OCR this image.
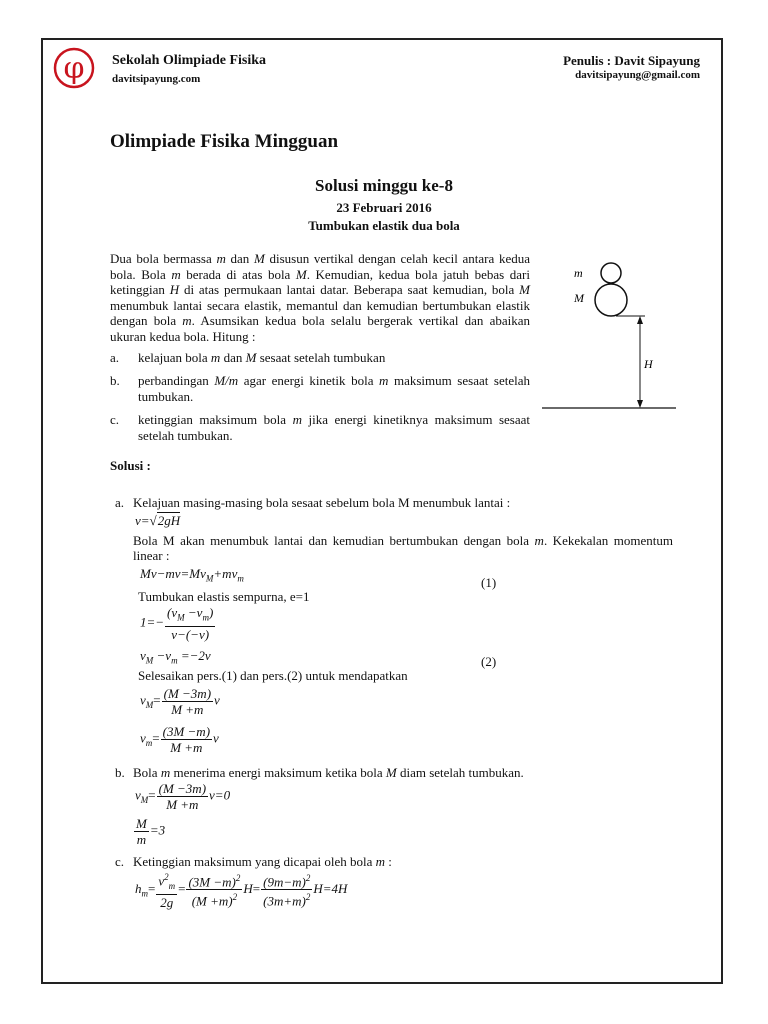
φ Sekolah Olimpiade Fisika
davitsipayung.com
Penulis : Davit Sipayung
davitsipayung@gmail.com
Olimpiade Fisika Mingguan
Solusi minggu ke-8
23 Februari 2016
Tumbukan elastik dua bola
Dua bola bermassa m dan M disusun vertikal dengan celah kecil antara kedua bola. Bola m berada di atas bola M. Kemudian, kedua bola jatuh bebas dari ketinggian H di atas permukaan lantai datar. Beberapa saat kemudian, bola M menumbuk lantai secara elastik, memantul dan kemudian bertumbukan elastik dengan bola m. Asumsikan kedua bola selalu bergerak vertikal dan abaikan ukuran kedua bola. Hitung :
a. kelajuan bola m dan M sesaat setelah tumbukan
b. perbandingan M/m agar energi kinetik bola m maksimum sesaat setelah tumbukan.
c. ketinggian maksimum bola m jika energi kinetiknya maksimum sesaat setelah tumbukan.
m
M
H
Solusi :
a. Kelajuan masing-masing bola sesaat sebelum bola M menumbuk lantai :
v=√2gH
Bola M akan menumbuk lantai dan kemudian bertumbukan dengan bola m. Kekekalan momentum linear :
$Mv-mv=Mv_M+mv_m$	(1)
Tumbukan elastis sempurna, e=1
$1=- \frac{(v_M -v_m)}{v-(-v)}$
$v_M -v_m =-2v$	(2)
Selesaikan pers.(1) dan pers.(2) untuk mendapatkan
$v_M= \frac{(M -3m)}{M +m}$ v
$v_m= \frac{(3M -m)}{M +m}$ v
b. Bola m menerima energi maksimum ketika bola M diam setelah tumbukan.
$v_M= \frac{(M -3m)}{M +m} v=0$
$\frac{M}{m} =3$
c. Ketinggian maksimum yang dicapai oleh bola m :
$h_m= \frac{v^2_m}{2g} = \frac{(3M -m)^2}{(M +m)^2} H= \frac{(9m-m)^2}{(3m+m)^2} H=4H$
